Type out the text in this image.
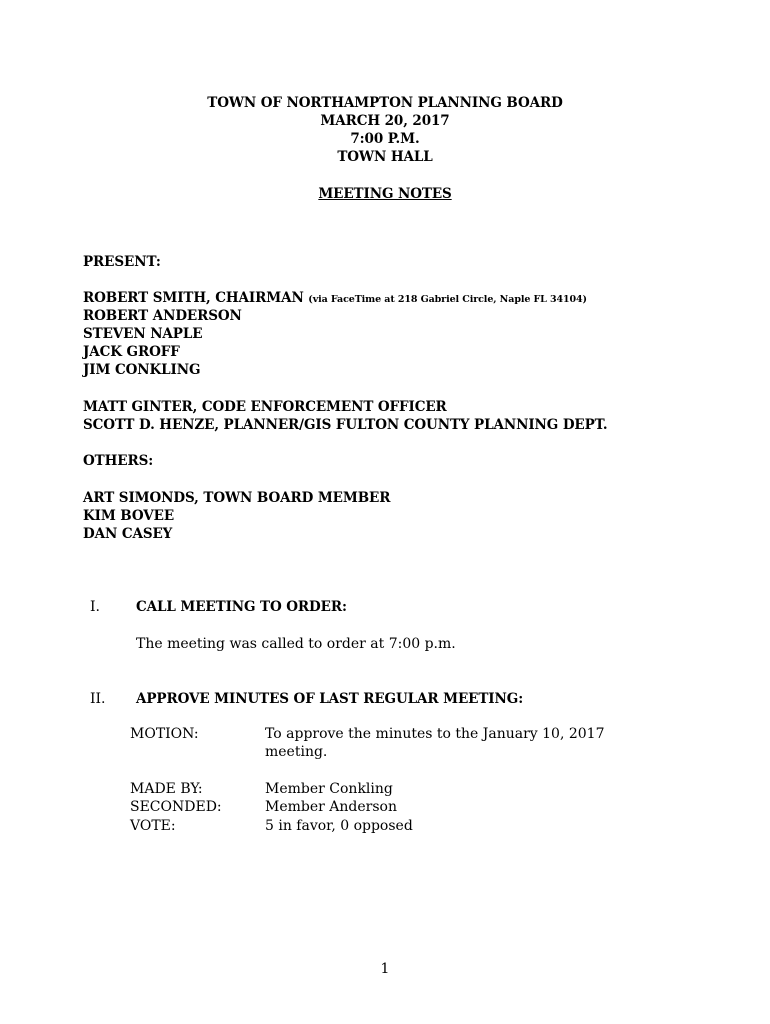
TOWN OF NORTHAMPTON PLANNING BOARD
MARCH 20, 2017
7:00 P.M.
TOWN HALL
MEETING NOTES
PRESENT:
ROBERT SMITH, CHAIRMAN (via FaceTime at 218 Gabriel Circle, Naple FL 34104)
ROBERT ANDERSON
STEVEN NAPLE
JACK GROFF
JIM CONKLING
MATT GINTER, CODE ENFORCEMENT OFFICER
SCOTT D. HENZE, PLANNER/GIS FULTON COUNTY PLANNING DEPT.
OTHERS:
ART SIMONDS, TOWN BOARD MEMBER
KIM BOVEE
DAN CASEY
I.	CALL MEETING TO ORDER:
The meeting was called to order at 7:00 p.m.
II. APPROVE MINUTES OF LAST REGULAR MEETING:
MOTION:	To approve the minutes to the January 10, 2017
meeting.
MADE BY:	Member Conkling
SECONDED:	Member Anderson
VOTE:	5 in favor, 0 opposed
1
